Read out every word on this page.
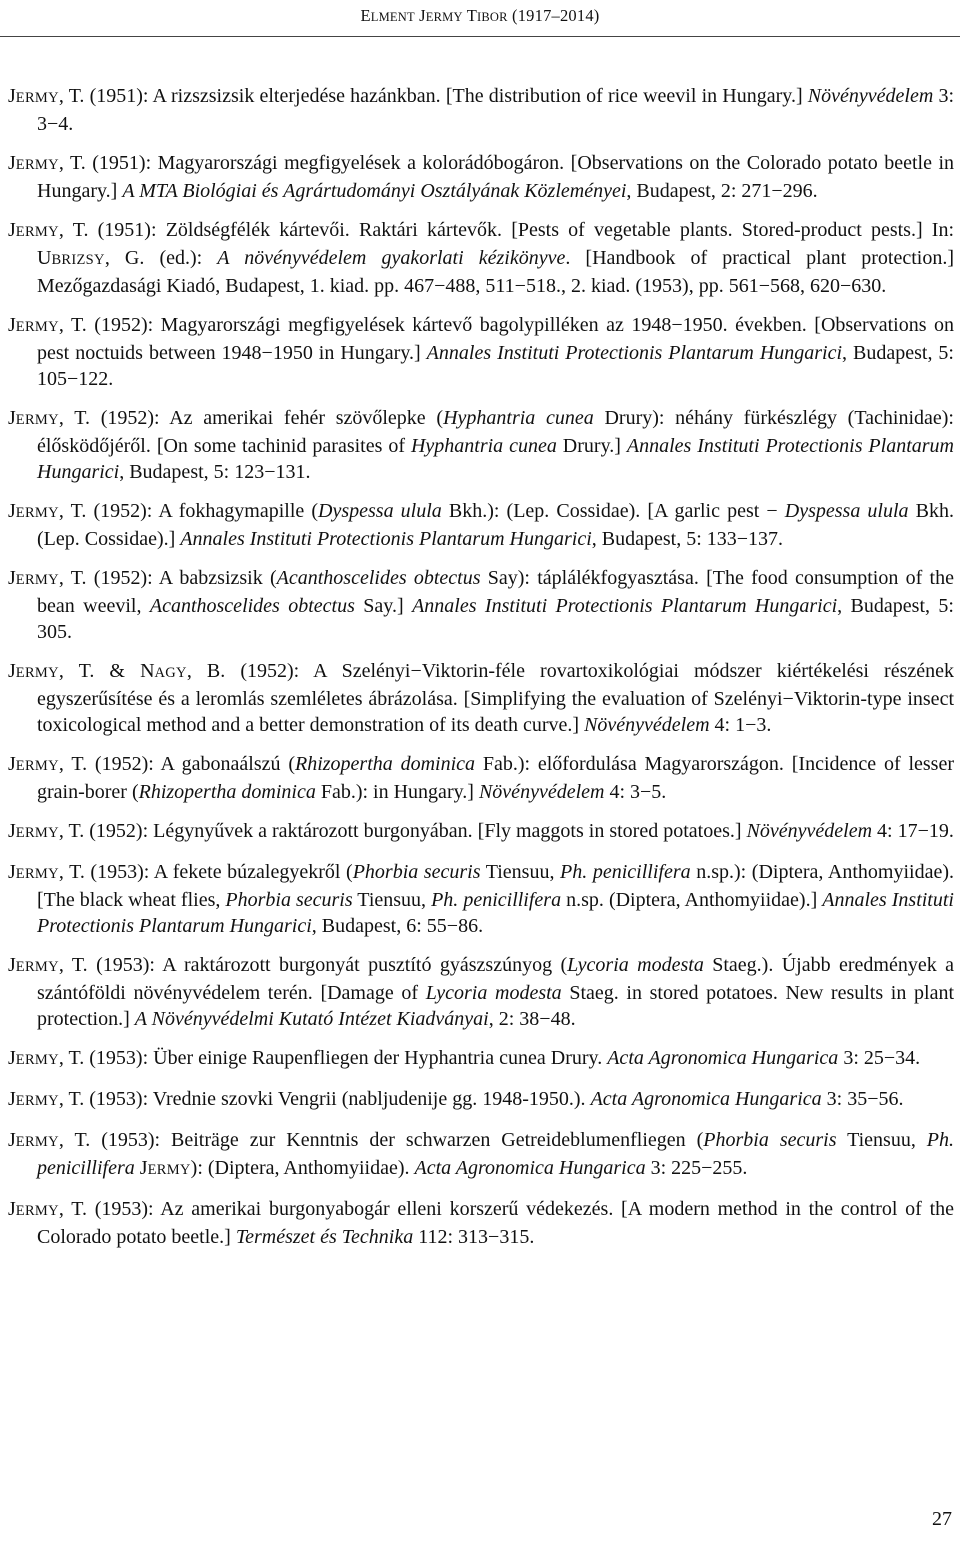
ELMENT JERMY TIBOR (1917–2014)

JERMY, T. (1951): A rizszsizsik elterjedése hazánkban. [The distribution of rice weevil in Hungary.] Növényvédelem 3: 3−4.

JERMY, T. (1951): Magyarországi megfigyelések a kolorádóbogáron. [Observations on the Colorado potato beetle in Hungary.] A MTA Biológiai és Agrártudományi Osztályának Közleményei, Budapest, 2: 271−296.

JERMY, T. (1951): Zöldségfélék kártevői. Raktári kártevők. [Pests of vegetable plants. Stored-product pests.] In: UBRIZSY, G. (ed.): A növényvédelem gyakorlati kézikönyve. [Handbook of practical plant protection.] Mezőgazdasági Kiadó, Budapest, 1. kiad. pp. 467−488, 511−518., 2. kiad. (1953), pp. 561−568, 620−630.

JERMY, T. (1952): Magyarországi megfigyelések kártevő bagolypilléken az 1948−1950. években. [Observations on pest noctuids between 1948−1950 in Hungary.] Annales Instituti Protectionis Plantarum Hungarici, Budapest, 5: 105−122.

JERMY, T. (1952): Az amerikai fehér szövőlepke (Hyphantria cunea Drury): néhány fürkészlégy (Tachinidae): élősködőjéről. [On some tachinid parasites of Hyphantria cunea Drury.] Annales Instituti Protectionis Plantarum Hungarici, Budapest, 5: 123−131.

JERMY, T. (1952): A fokhagymapille (Dyspessa ulula Bkh.): (Lep. Cossidae). [A garlic pest − Dyspessa ulula Bkh. (Lep. Cossidae).] Annales Instituti Protectionis Plantarum Hungarici, Budapest, 5: 133−137.

JERMY, T. (1952): A babzsizsik (Acanthoscelides obtectus Say): táplálékfogyasztása. [The food consumption of the bean weevil, Acanthoscelides obtectus Say.] Annales Instituti Protectionis Plantarum Hungarici, Budapest, 5: 305.

JERMY, T. & NAGY, B. (1952): A Szelényi−Viktorin-féle rovartoxikológiai módszer kiértékelési részének egyszerűsítése és a leromlás szemléletes ábrázolása. [Simplifying the evaluation of Szelényi−Viktorin-type insect toxicological method and a better demonstration of its death curve.] Növényvédelem 4: 1−3.

JERMY, T. (1952): A gabonaálszú (Rhizopertha dominica Fab.): előfordulása Magyarországon. [Incidence of lesser grain-borer (Rhizopertha dominica Fab.): in Hungary.] Növényvédelem 4: 3−5.

JERMY, T. (1952): Légynyűvek a raktározott burgonyában. [Fly maggots in stored potatoes.] Növényvédelem 4: 17−19.

JERMY, T. (1953): A fekete búzalegyekről (Phorbia securis Tiensuu, Ph. penicillifera n.sp.): (Diptera, Anthomyiidae). [The black wheat flies, Phorbia securis Tiensuu, Ph. penicillifera n.sp. (Diptera, Anthomyiidae).] Annales Instituti Protectionis Plantarum Hungarici, Budapest, 6: 55−86.

JERMY, T. (1953): A raktározott burgonyát pusztító gyászszúnyog (Lycoria modesta Staeg.). Újabb eredmények a szántóföldi növényvédelem terén. [Damage of Lycoria modesta Staeg. in stored potatoes. New results in plant protection.] A Növényvédelmi Kutató Intézet Kiadványai, 2: 38−48.

JERMY, T. (1953): Über einige Raupenfliegen der Hyphantria cunea Drury. Acta Agronomica Hungarica 3: 25−34.

JERMY, T. (1953): Vrednie szovki Vengrii (nabljudenije gg. 1948-1950.). Acta Agronomica Hungarica 3: 35−56.

JERMY, T. (1953): Beiträge zur Kenntnis der schwarzen Getreideblumenfliegen (Phorbia securis Tiensuu, Ph. penicillifera JERMY): (Diptera, Anthomyiidae). Acta Agronomica Hungarica 3: 225−255.

JERMY, T. (1953): Az amerikai burgonyabogár elleni korszerű védekezés. [A modern method in the control of the Colorado potato beetle.] Természet és Technika 112: 313−315.

27
